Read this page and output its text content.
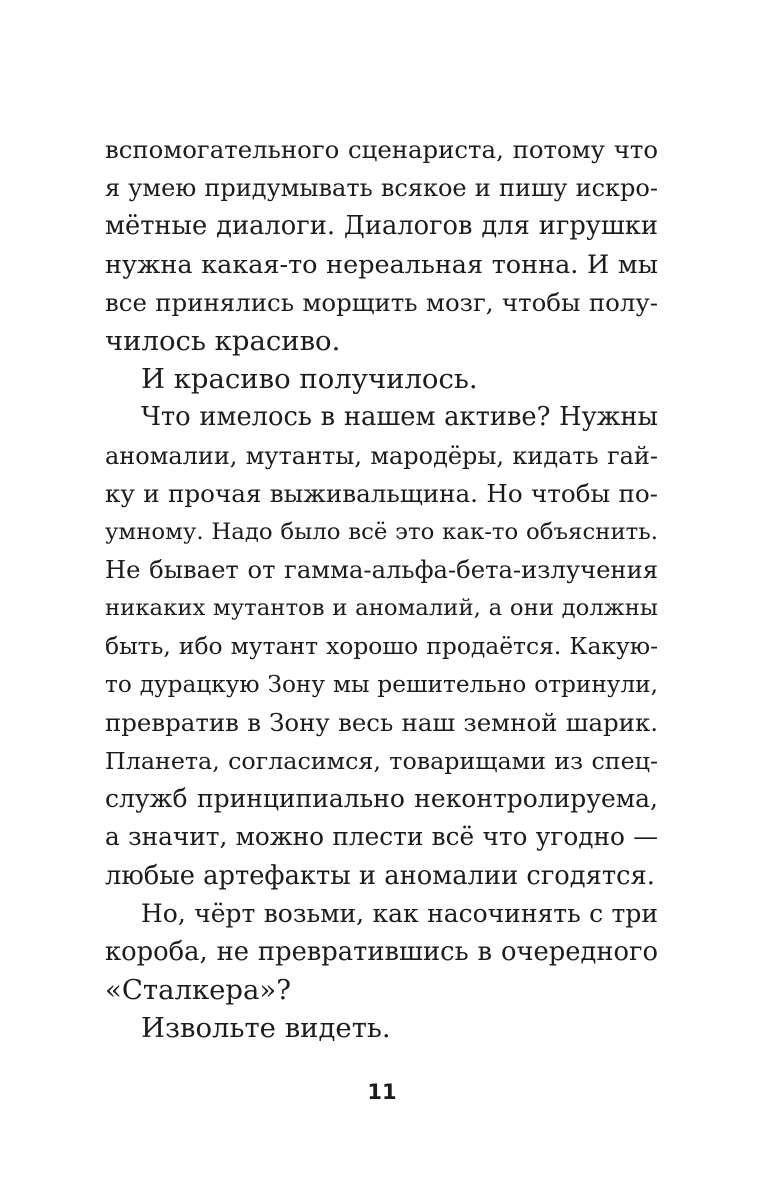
вспомогательного сценариста, потому что
я умею придумывать всякое и пишу искро-
мётные диалоги. Диалогов для игрушки
нужна какая-то нереальная тонна. И мы
все принялись морщить мозг, чтобы полу-
чилось красиво.
И красиво получилось.
Что имелось в нашем активе? Нужны
аномалии, мутанты, мародёры, кидать гай-
ку и прочая выживальщина. Но чтобы по-
умному. Надо было всё это как-то объяснить.
Не бывает от гамма-альфа-бета-излучения
никаких мутантов и аномалий, а они должны
быть, ибо мутант хорошо продаётся. Какую-
то дурацкую Зону мы решительно отринули,
превратив в Зону весь наш земной шарик.
Планета, согласимся, товарищами из спец-
служб принципиально неконтролируема,
а значит, можно плести всё что угодно —
любые артефакты и аномалии сгодятся.
Но, чёрт возьми, как насочинять с три
короба, не превратившись в очередного
«Сталкера»?
Извольте видеть.
11
